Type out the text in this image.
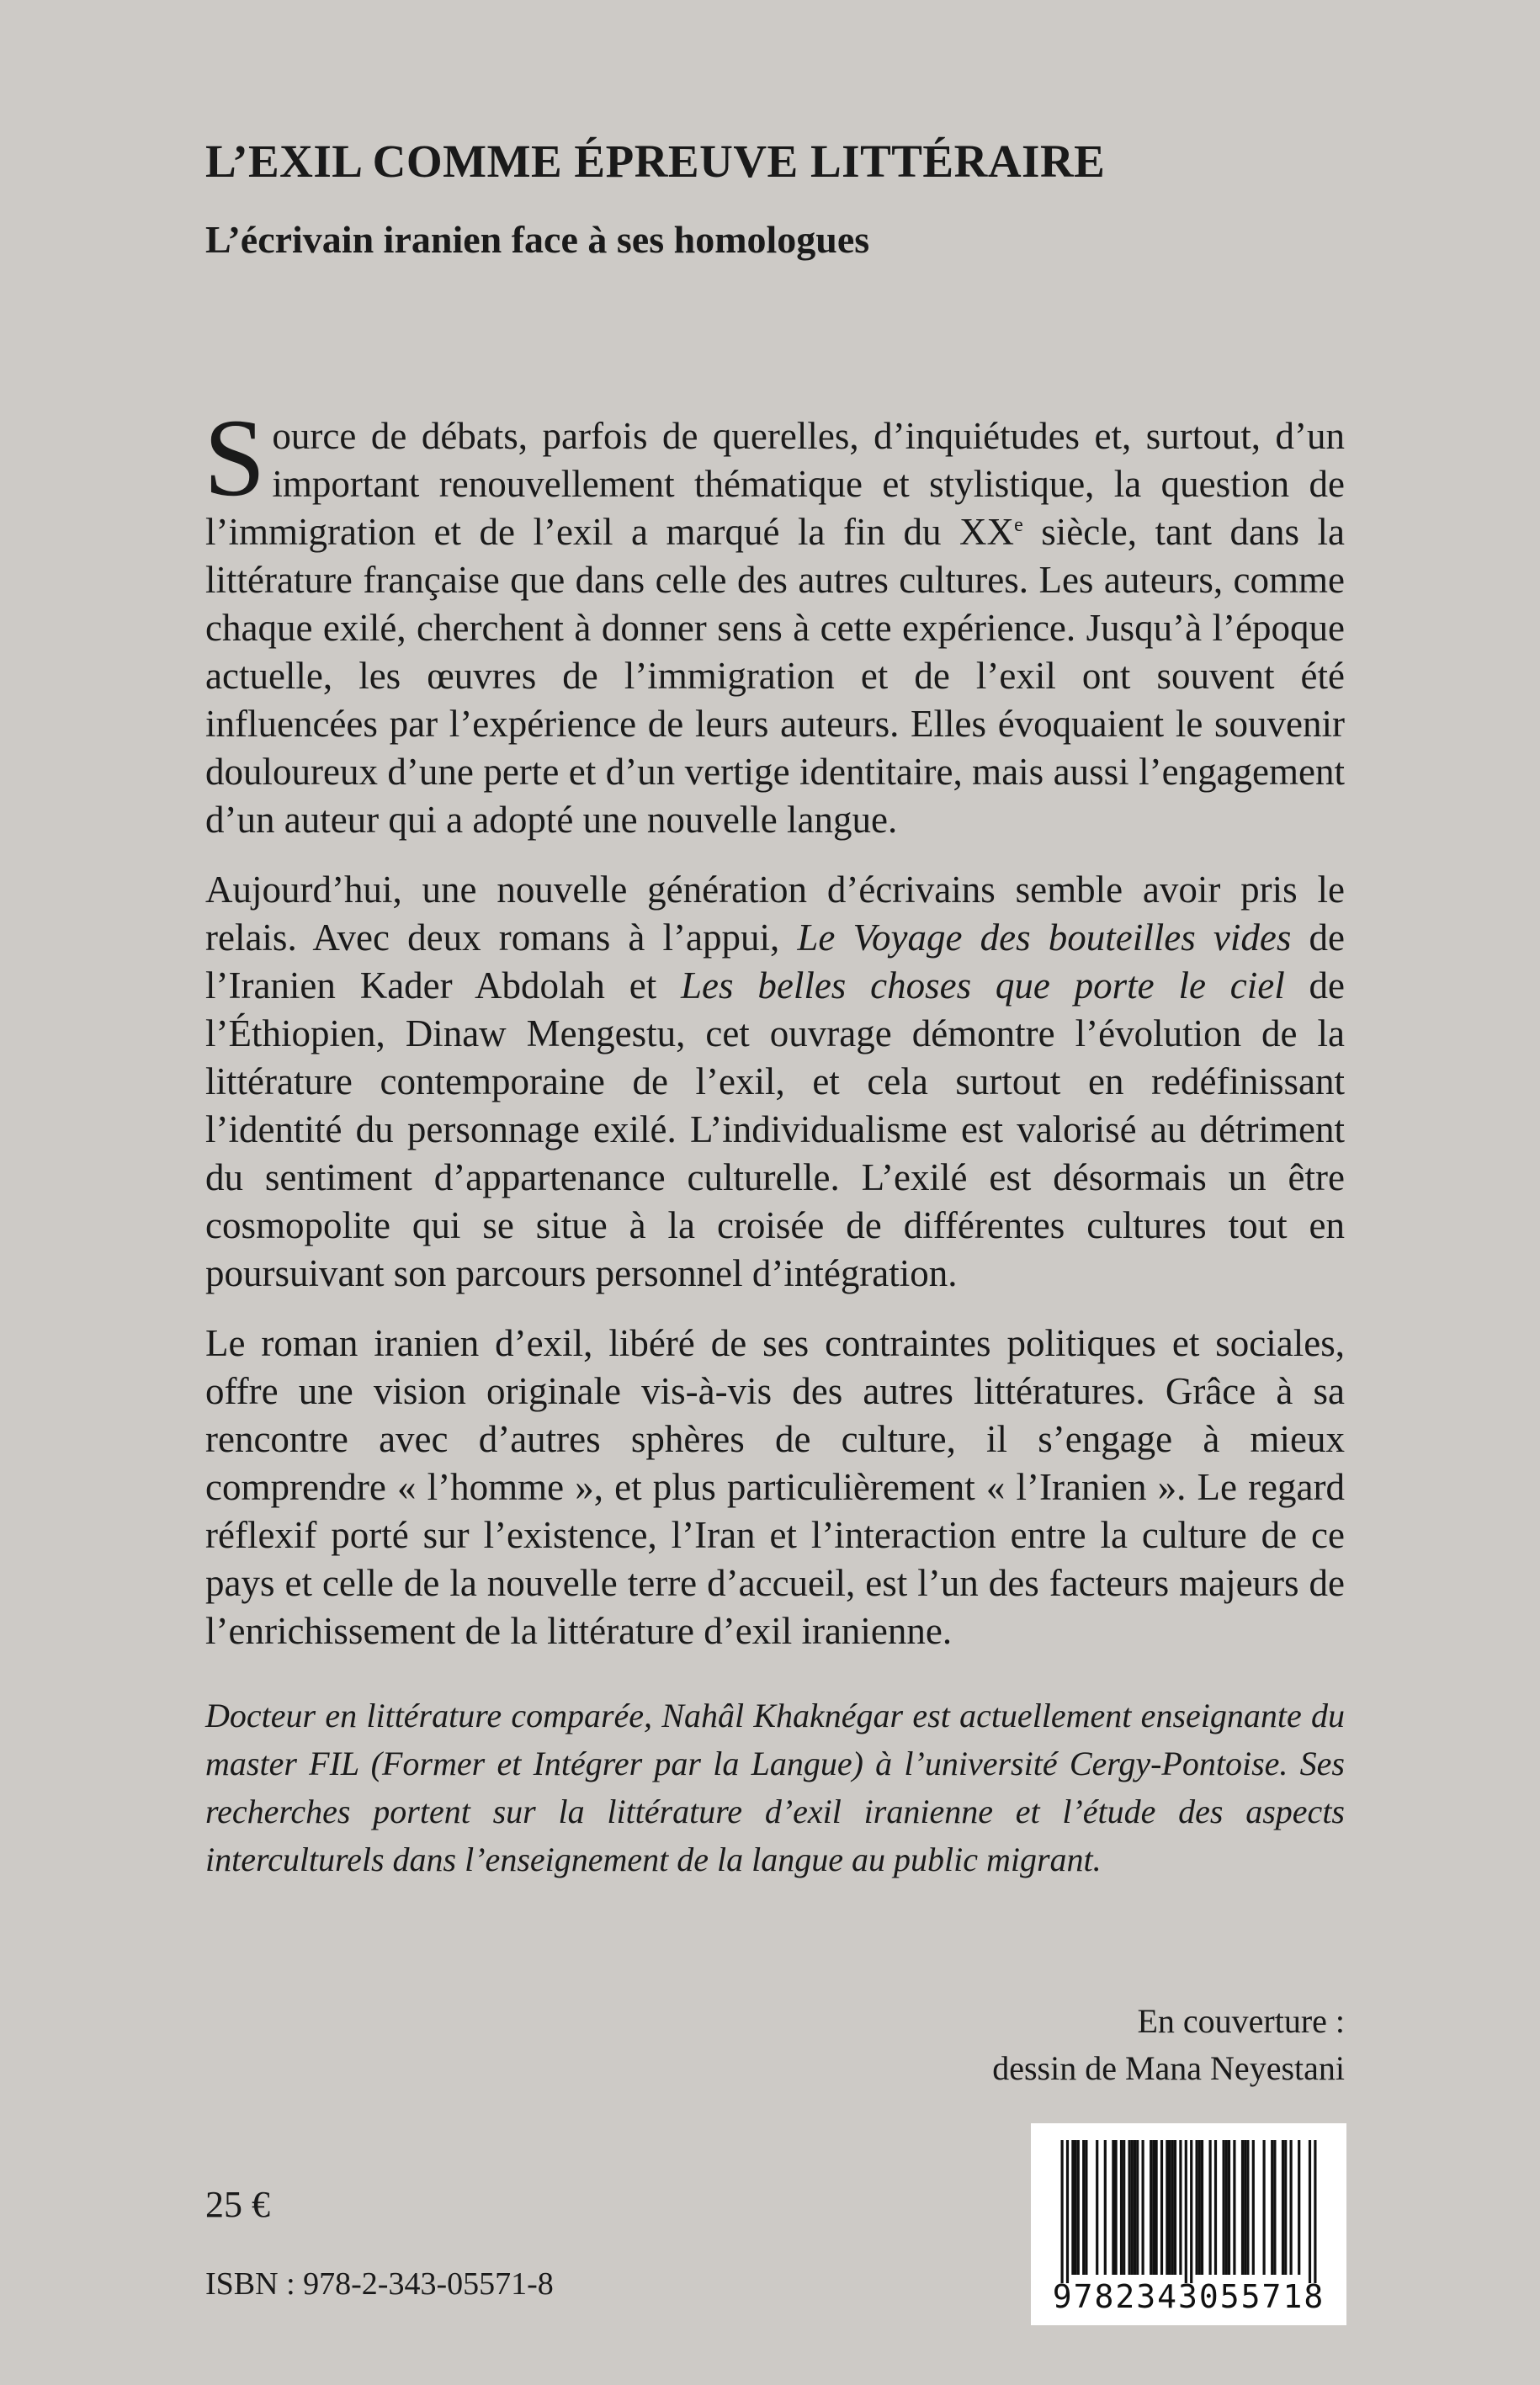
L’EXIL COMME ÉPREUVE LITTÉRAIRE
L’écrivain iranien face à ses homologues

Source de débats, parfois de querelles, d’inquiétudes et, surtout, d’un important renouvellement thématique et stylistique, la question de l’immigration et de l’exil a marqué la fin du XXe siècle, tant dans la littérature française que dans celle des autres cultures. Les auteurs, comme chaque exilé, cherchent à donner sens à cette expérience. Jusqu’à l’époque actuelle, les œuvres de l’immigration et de l’exil ont souvent été influencées par l’expérience de leurs auteurs. Elles évoquaient le souvenir douloureux d’une perte et d’un vertige identitaire, mais aussi l’engagement d’un auteur qui a adopté une nouvelle langue.

Aujourd’hui, une nouvelle génération d’écrivains semble avoir pris le relais. Avec deux romans à l’appui, Le Voyage des bouteilles vides de l’Iranien Kader Abdolah et Les belles choses que porte le ciel de l’Éthiopien, Dinaw Mengestu, cet ouvrage démontre l’évolution de la littérature contemporaine de l’exil, et cela surtout en redéfinissant l’identité du personnage exilé. L’individualisme est valorisé au détriment du sentiment d’appartenance culturelle. L’exilé est désormais un être cosmopolite qui se situe à la croisée de différentes cultures tout en poursuivant son parcours personnel d’intégration.

Le roman iranien d’exil, libéré de ses contraintes politiques et sociales, offre une vision originale vis-à-vis des autres littératures. Grâce à sa rencontre avec d’autres sphères de culture, il s’engage à mieux comprendre « l’homme », et plus particulièrement « l’Iranien ». Le regard réflexif porté sur l’existence, l’Iran et l’interaction entre la culture de ce pays et celle de la nouvelle terre d’accueil, est l’un des facteurs majeurs de l’enrichissement de la littérature d’exil iranienne.

Docteur en littérature comparée, Nahâl Khaknégar est actuellement enseignante du master FIL (Former et Intégrer par la Langue) à l’université Cergy-Pontoise. Ses recherches portent sur la littérature d’exil iranienne et l’étude des aspects interculturels dans l’enseignement de la langue au public migrant.
En couverture :
dessin de Mana Neyestani
25 €
ISBN : 978-2-343-05571-8	9782343055718
